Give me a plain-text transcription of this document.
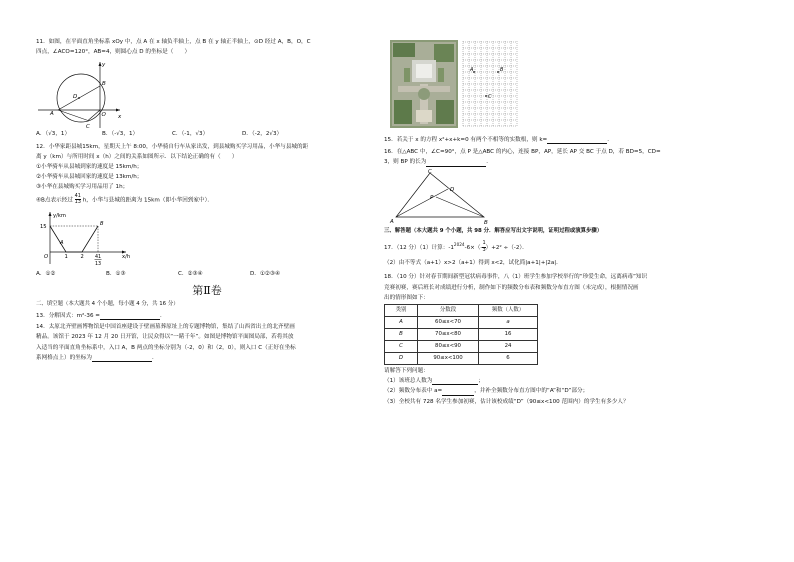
11．如图，在平面直角坐标系 xOy 中，点 A 在 x 轴负半轴上，点 B 在 y 轴正半轴上，⊙D 经过 A，B，O，C

四点，∠ACO=120°，AB=4，则圆心点 D 的坐标是（　　）

y
B
D
A	O
C
x
A．（√3，1）	B．（-√3，1）	C．（-1，√3）	D．（-2，2√3）

12．小华家距县城15km，星期天上午 8:00，小华骑自行车从家出发，到县城购买学习用品，小华与县城的距

离 y（km）与所用时间 x（h）之间的关系如图所示．以下结论正确的有（　　）

①小华骑车从县城到家的速度是 15km/h；

②小华骑车从县城回家的速度是 13km/h；

③小华在县城购买学习用品用了 1h；

④B点表示经过 $\frac{41}{13}$ h，小华与县城的距离为 15km（即小华回到家中）．

y/km
15
A
B
O	1 2 41
13
x/h
A．①②	B．①③	C．②③④	D．①②③④
第Ⅱ卷

二、填空题（本大题共 4 个小题，每小题 4 分，共 16 分）

13．分解因式：m²-36 =	．

14．太原北齐壁画博物馆是中国首座建设于壁画墓葬原址上的专题博物馆，集结了山西省出土的北齐壁画

精品。该馆于 2023 年 12 月 20 日开馆，让民众得以“一睹千年”。如图是博物馆平面图局部，若将其放

入适当的平面直角坐标系中，入口 A，B 两点的坐标分别为（-2，0）和（2，0），则入口 C（正好在坐标

系网格点上）的坐标为	．

A	B
C

15．若关于 x 的方程 x²+x+k=0 有两个不相等的实数根，则 k=	．

16．在△ABC 中，∠C=90°，点 P 是△ABC 的内心，连接 BP，AP，延长 AP 交 BC 于点 D，若 BD=5，CD=

3，则 BP 的长为	．

C
P
D
A	B

三、解答题（本大题共 9 个小题，共 98 分．解答应写出文字说明，证明过程或演算步骤）

17．（12 分）（1）计算：$-1^{2024}-6\times(- \frac{1}{3} )+2^2 \div(-2)$．

（2）由不等式（a+1）x>2（a+1）得到 x<2，试化简|a+1|+|2a|．

18．（10 分）针对春节期间新型冠状病毒事件，八（1）班学生参加学校举行的“珍爱生命，远离病毒”知识

竞赛初赛，赛后班长对成绩进行分析，制作如下的频数分布表和频数分布直方图（未完成），根据情况画

出的情形图如下：

类别	分数段	频数（人数）
A	60≤x<70	a
B	70≤x<80	16
C	80≤x<90	24
D	90≤x<100	6

请解答下列问题：

（1）该班总人数为	；

（2）频数分布表中 a=	，并补全频数分布直方图中的“A”和“D”部分；

（3）全校共有 728 名学生参加初赛，估计该校成绩“D”（90≤x<100 范围内）的学生有多少人？
